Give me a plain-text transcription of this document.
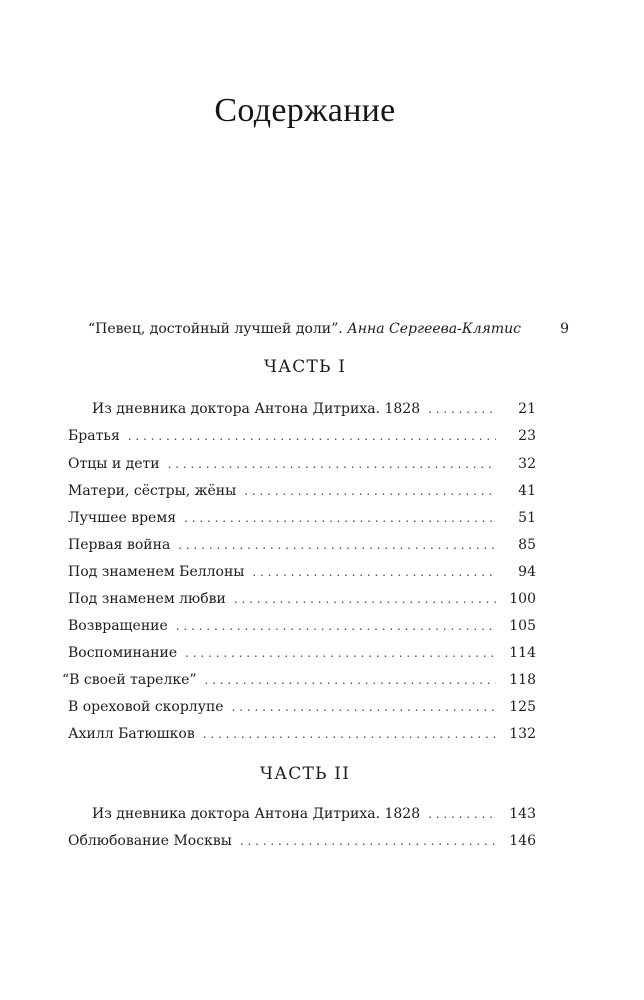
Содержание
“Певец, достойный лучшей доли”. Анна Сергеева-Клятис	9
ЧАСТЬ I
Из дневника доктора Антона Дитриха. 1828 . . .	21
Братья . . .	23
Отцы и дети . . .	32
Матери, сёстры, жёны . . .	41
Лучшее время . . .	51
Первая война . . .	85
Под знаменем Беллоны . . .	94
Под знаменем любви . . .	100
Возвращение . . .	105
Воспоминание . . .	114
“В своей тарелке” . . .	118
В ореховой скорлупе . . .	125
Ахилл Батюшков . . .	132
ЧАСТЬ II
Из дневника доктора Антона Дитриха. 1828 . . .	143
Облюбование Москвы . . .	146
